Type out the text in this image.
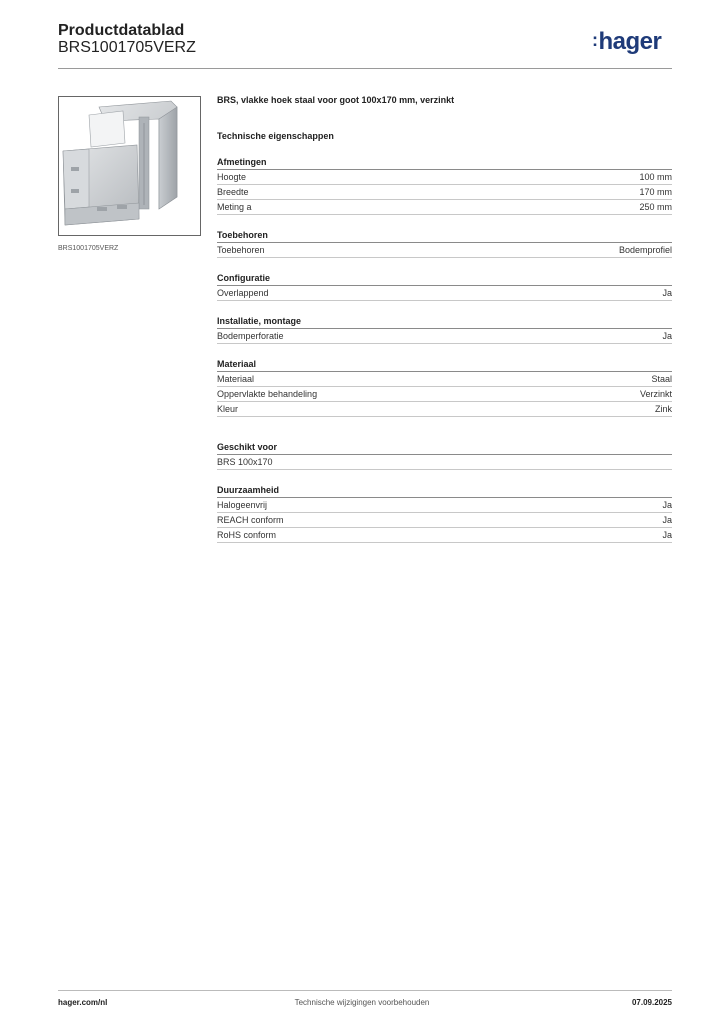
Productdatablad
BRS1001705VERZ	:hager
BRS1001705VERZ
BRS, vlakke hoek staal voor goot 100x170 mm, verzinkt
Technische eigenschappen
Afmetingen
Hoogte	100 mm
Breedte	170 mm
Meting a	250 mm
Toebehoren
Toebehoren	Bodemprofiel
Configuratie
Overlappend	Ja
Installatie, montage
Bodemperforatie	Ja
Materiaal
Materiaal	Staal
Oppervlakte behandeling	Verzinkt
Kleur	Zink
Geschikt voor
BRS 100x170
Duurzaamheid
Halogeenvrij	Ja
REACH conform	Ja
RoHS conform	Ja
hager.com/nl	Technische wijzigingen voorbehouden	07.09.2025
